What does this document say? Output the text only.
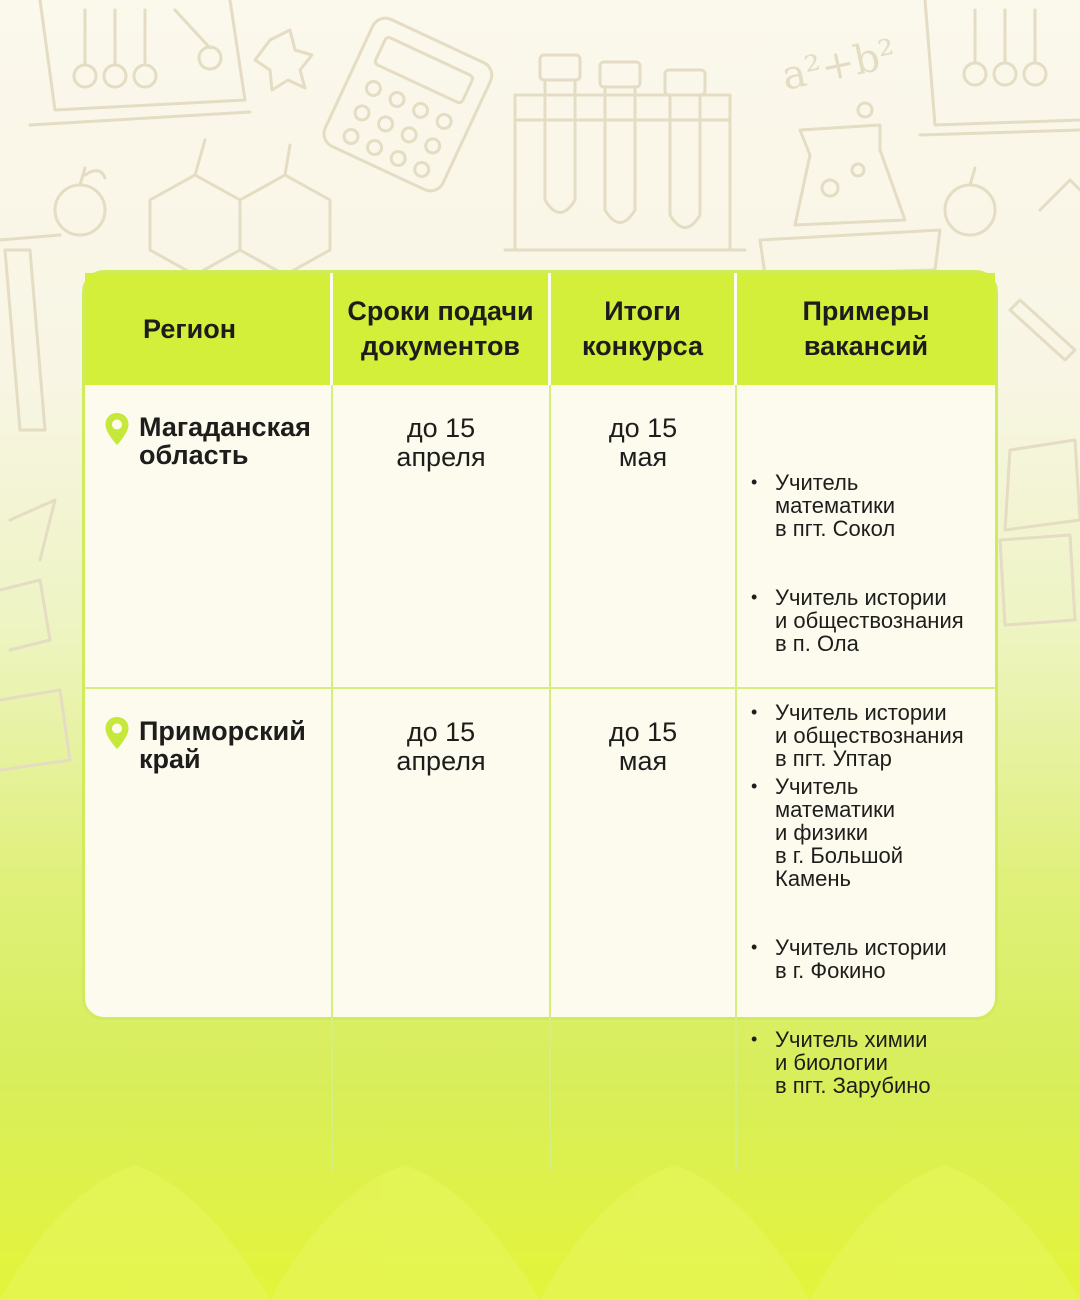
a²+b²
Регион
Сроки подачи
документов
Итоги
конкурса
Примеры
вакансий
Магаданская
область
до 15
апреля
до 15
мая

• Учитель
математики
в пгт. Сокол

• Учитель истории
и обществознания
в п. Ола

• Учитель истории
и обществознания
в пгт. Уптар

Приморский
край
до 15
апреля
до 15
мая

• Учитель
математики
и физики
в г. Большой
Камень

• Учитель истории
в г. Фокино

• Учитель химии
и биологии
в пгт. Зарубино
